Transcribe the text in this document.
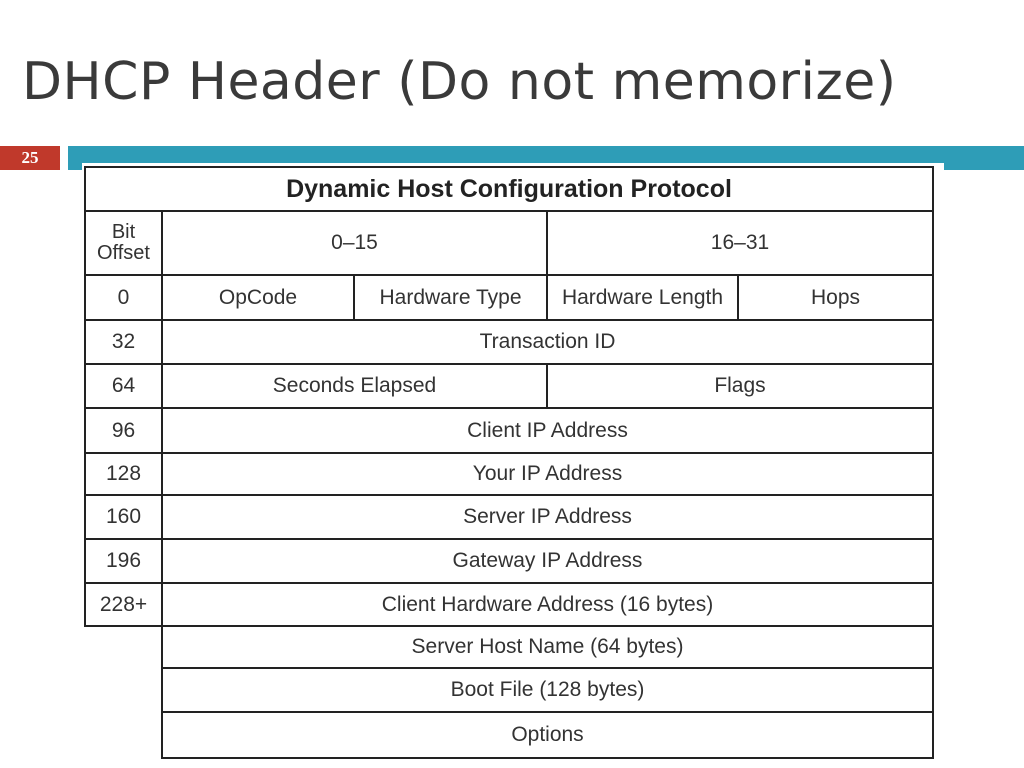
DHCP Header (Do not memorize)
25
Dynamic Host Configuration Protocol
Bit
Offset	0–15	16–31
0	OpCode	Hardware Type	Hardware Length	Hops
32	Transaction ID
64	Seconds Elapsed	Flags
96	Client IP Address
128	Your IP Address
160	Server IP Address
196	Gateway IP Address
228+	Client Hardware Address (16 bytes)
Server Host Name (64 bytes)
Boot File (128 bytes)
Options
